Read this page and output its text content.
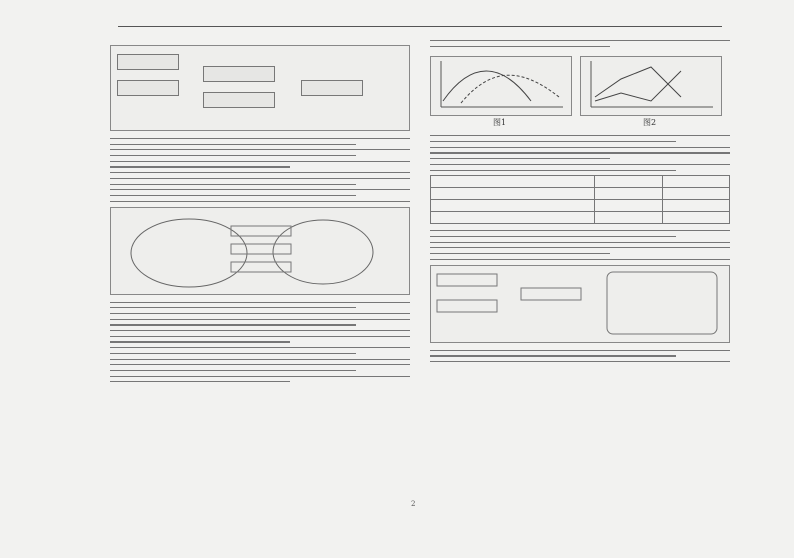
图1	图2

2
